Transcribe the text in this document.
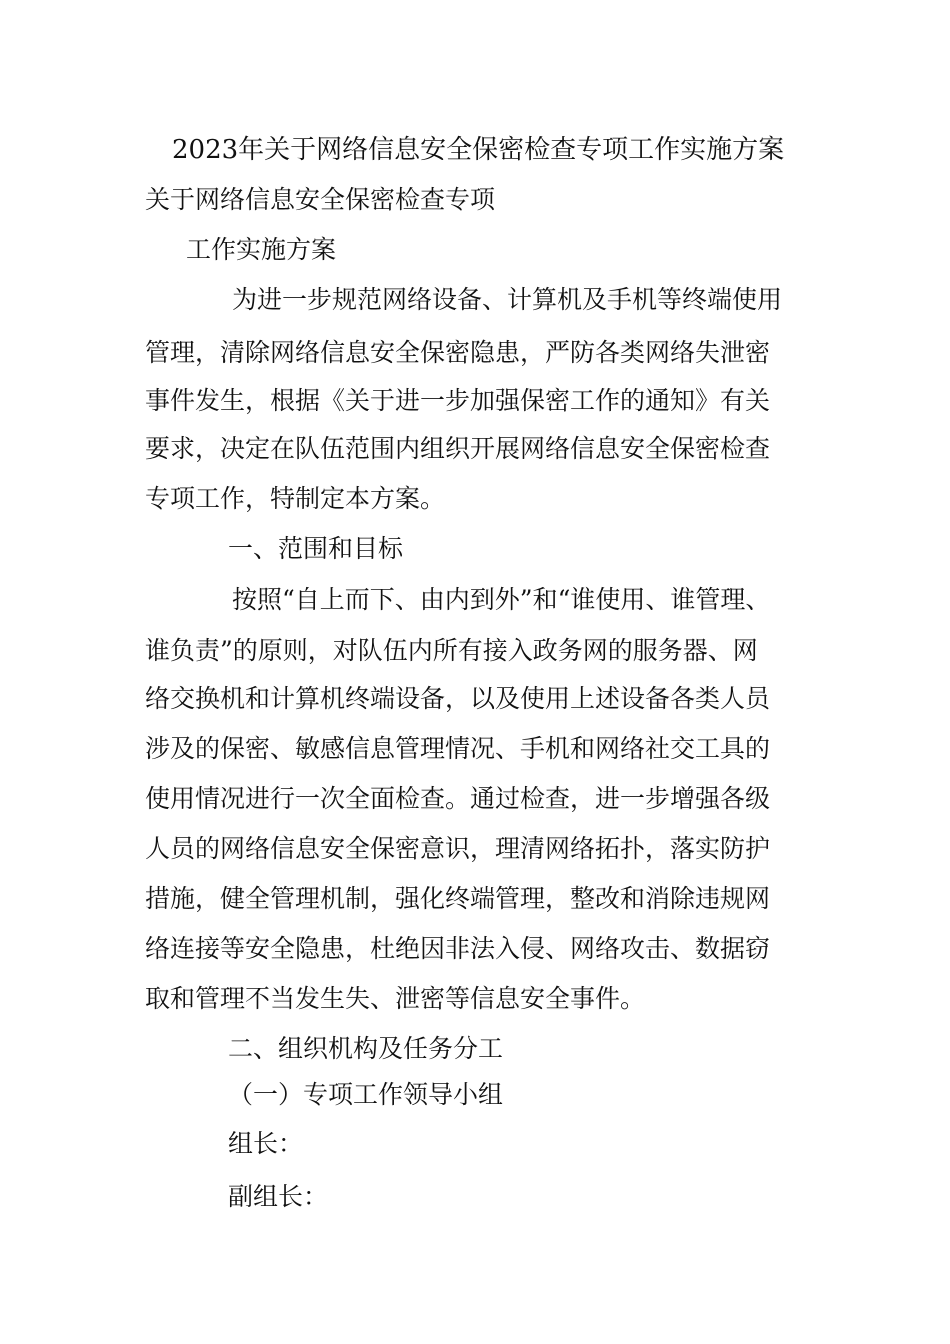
2023年关于网络信息安全保密检查专项工作实施方案
关于网络信息安全保密检查专项
工作实施方案
为进一步规范网络设备、计算机及手机等终端使用
管理，清除网络信息安全保密隐患，严防各类网络失泄密
事件发生，根据《关于进一步加强保密工作的通知》有关
要求，决定在队伍范围内组织开展网络信息安全保密检查
专项工作，特制定本方案。
一、范围和目标
按照“自上而下、由内到外”和“谁使用、谁管理、
谁负责”的原则，对队伍内所有接入政务网的服务器、网
络交换机和计算机终端设备，以及使用上述设备各类人员
涉及的保密、敏感信息管理情况、手机和网络社交工具的
使用情况进行一次全面检查。通过检查，进一步增强各级
人员的网络信息安全保密意识，理清网络拓扑，落实防护
措施，健全管理机制，强化终端管理，整改和消除违规网
络连接等安全隐患，杜绝因非法入侵、网络攻击、数据窃
取和管理不当发生失、泄密等信息安全事件。
二、组织机构及任务分工
（一）专项工作领导小组
组长：
副组长：
